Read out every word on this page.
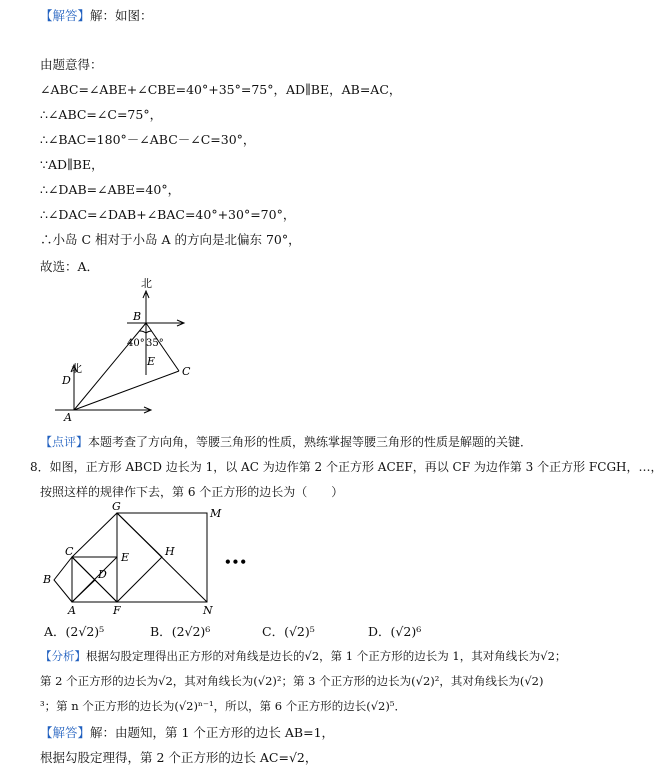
【解答】解：如图：
由题意得：
∠ABC=∠ABE+∠CBE=40°+35°=75°，AD∥BE，AB=AC，
∴∠ABC=∠C=75°，
∴∠BAC=180°－∠ABC－∠C=30°，
∵AD∥BE，
∴∠DAB=∠ABE=40°，
∴∠DAC=∠DAB+∠BAC=40°+30°=70°，
∴小岛 C 相对于小岛 A 的方向是北偏东 70°，
故选：A．
北
B
40° 35°
E
C
北
D
A
【点评】本题考查了方向角，等腰三角形的性质，熟练掌握等腰三角形的性质是解题的关键．
8．如图，正方形 ABCD 边长为 1，以 AC 为边作第 2 个正方形 ACEF，再以 CF 为边作第 3 个正方形 FCGH，…，
按照这样的规律作下去，第 6 个正方形的边长为（　　）
G
M
C	E	H
B	D
A	F	N
•••
A．(2√2)⁵	B．(2√2)⁶	C．(√2)⁵	D．(√2)⁶
【分析】根据勾股定理得出正方形的对角线是边长的√2，第 1 个正方形的边长为 1，其对角线长为√2；
第 2 个正方形的边长为√2，其对角线长为(√2)²；第 3 个正方形的边长为(√2)²，其对角线长为(√2)
³；第 n 个正方形的边长为(√2)ⁿ⁻¹，所以，第 6 个正方形的边长(√2)⁵．
【解答】解：由题知，第 1 个正方形的边长 AB=1，
根据勾股定理得，第 2 个正方形的边长 AC=√2，
